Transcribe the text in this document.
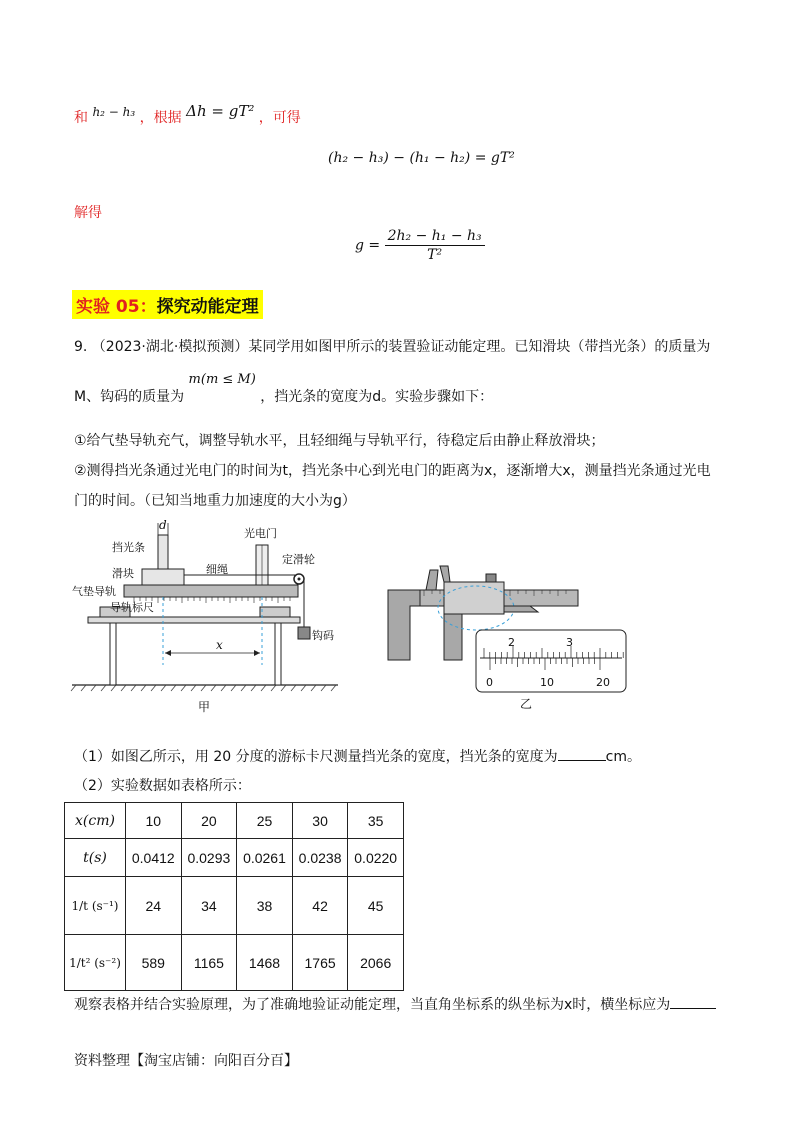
和 h₂ − h₃ ，根据 Δh = gT² ，可得
(h₂ − h₃) − (h₁ − h₂) = gT²
解得
$g = \frac{\text{2h₂ − h₁ − h₃}}{\text{T²}}$
实验 05：探究动能定理
9. （2023·湖北·模拟预测）某同学用如图甲所示的装置验证动能定理。已知滑块（带挡光条）的质量为
M、钩码的质量为 m(m ≤ M) ，挡光条的宽度为d。实验步骤如下：
①给气垫导轨充气，调整导轨水平，且轻细绳与导轨平行，待稳定后由静止释放滑块；
②测得挡光条通过光电门的时间为t，挡光条中心到光电门的距离为x，逐渐增大x，测量挡光条通过光电
门的时间。（已知当地重力加速度的大小为g）
d
挡光条
光电门
滑块	细绳
定滑轮
气垫导轨
导轨标尺
钩码
x
甲
2	3
0	10	20
乙
（1）如图乙所示，用 20 分度的游标卡尺测量挡光条的宽度，挡光条的宽度为	cm。
（2）实验数据如表格所示：
x(cm)	10	20	25	30	35
t(s)	0.0412	0.0293	0.0261	0.0238	0.0220
1/t (s⁻¹)	24	34	38	42	45
1/t² (s⁻²)	589	1165	1468	1765	2066
观察表格并结合实验原理，为了准确地验证动能定理，当直角坐标系的纵坐标为x时，横坐标应为
资料整理【淘宝店铺：向阳百分百】
